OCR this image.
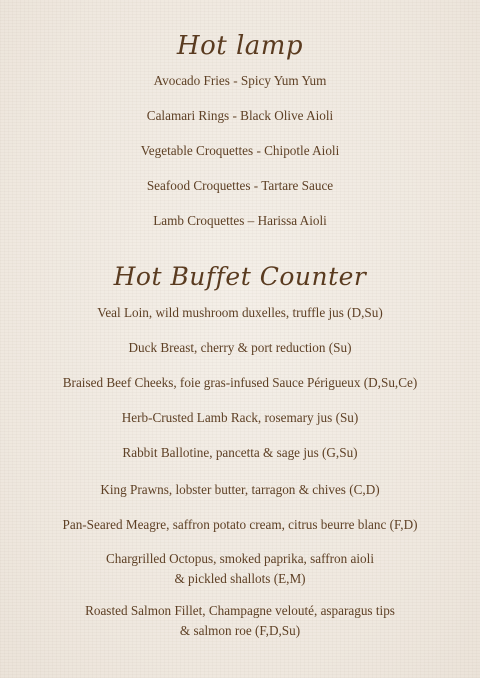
Hot lamp
Avocado Fries - Spicy Yum Yum
Calamari Rings - Black Olive Aioli
Vegetable Croquettes - Chipotle Aioli
Seafood Croquettes - Tartare Sauce
Lamb Croquettes – Harissa Aioli
Hot Buffet Counter
Veal Loin, wild mushroom duxelles, truffle jus (D,Su)
Duck Breast, cherry & port reduction (Su)
Braised Beef Cheeks, foie gras-infused Sauce Périgueux (D,Su,Ce)
Herb-Crusted Lamb Rack, rosemary jus (Su)
Rabbit Ballotine, pancetta & sage jus (G,Su)
King Prawns, lobster butter, tarragon & chives (C,D)
Pan-Seared Meagre, saffron potato cream, citrus beurre blanc (F,D)
Chargrilled Octopus, smoked paprika, saffron aioli
& pickled shallots (E,M)
Roasted Salmon Fillet, Champagne velouté, asparagus tips
& salmon roe (F,D,Su)
